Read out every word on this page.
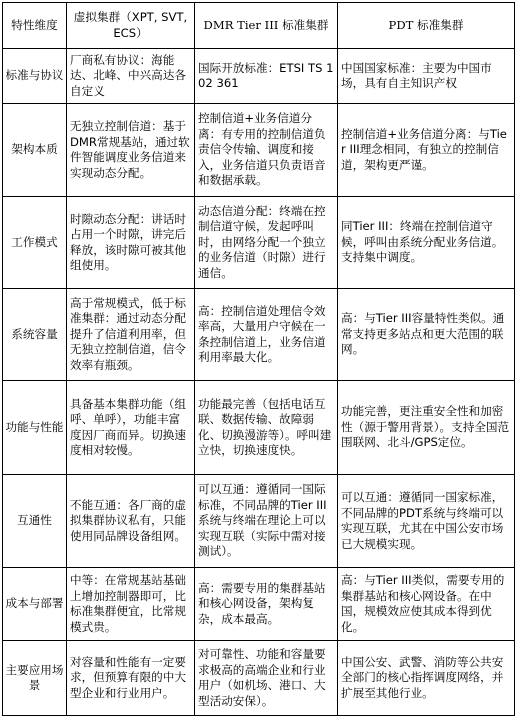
特性维度	虚拟集群（XPT, SVT, ECS）	DMR Tier III 标准集群	PDT 标准集群
标准与协议	厂商私有协议：海能达、北峰、中兴高达各自定义	国际开放标准：ETSI TS 102 361	中国国家标准：主要为中国市场，具有自主知识产权
架构本质	无独立控制信道：基于DMR常规基站，通过软件智能调度业务信道来实现动态分配。	控制信道+业务信道分离：有专用的控制信道负责信令传输、调度和接入，业务信道只负责语音和数据承载。	控制信道+业务信道分离：与Tier III理念相同，有独立的控制信道，架构更严谨。
工作模式	时隙动态分配：讲话时占用一个时隙，讲完后释放，该时隙可被其他组使用。	动态信道分配：终端在控制信道守候，发起呼叫时，由网络分配一个独立的业务信道（时隙）进行通信。	同Tier III：终端在控制信道守候，呼叫由系统分配业务信道。支持集中调度。
系统容量	高于常规模式，低于标准集群：通过动态分配提升了信道利用率，但无独立控制信道，信令效率有瓶颈。	高：控制信道处理信令效率高，大量用户守候在一条控制信道上，业务信道利用率最大化。	高：与Tier III容量特性类似。通常支持更多站点和更大范围的联网。
功能与性能	具备基本集群功能（组呼、单呼），功能丰富度因厂商而异。切换速度相对较慢。	功能最完善（包括电话互联、数据传输、故障弱化、切换漫游等）。呼叫建立快，切换速度快。	功能完善，更注重安全性和加密性（源于警用背景）。支持全国范围联网、北斗/GPS定位。
互通性	不能互通：各厂商的虚拟集群协议私有，只能使用同品牌设备组网。	可以互通：遵循同一国际标准，不同品牌的Tier III系统与终端在理论上可以实现互联（实际中需对接测试）。	可以互通：遵循同一国家标准，不同品牌的PDT系统与终端可以实现互联，尤其在中国公安市场已大规模实现。
成本与部署	中等：在常规基站基础上增加控制器即可，比标准集群便宜，比常规模式贵。	高：需要专用的集群基站和核心网设备，架构复杂，成本最高。	高：与Tier III类似，需要专用的集群基站和核心网设备。在中国，规模效应使其成本得到优化。
主要应用场景	对容量和性能有一定要求，但预算有限的中大型企业和行业用户。	对可靠性、功能和容量要求极高的高端企业和行业用户（如机场、港口、大型活动安保）。	中国公安、武警、消防等公共安全部门的核心指挥调度网络，并扩展至其他行业。
